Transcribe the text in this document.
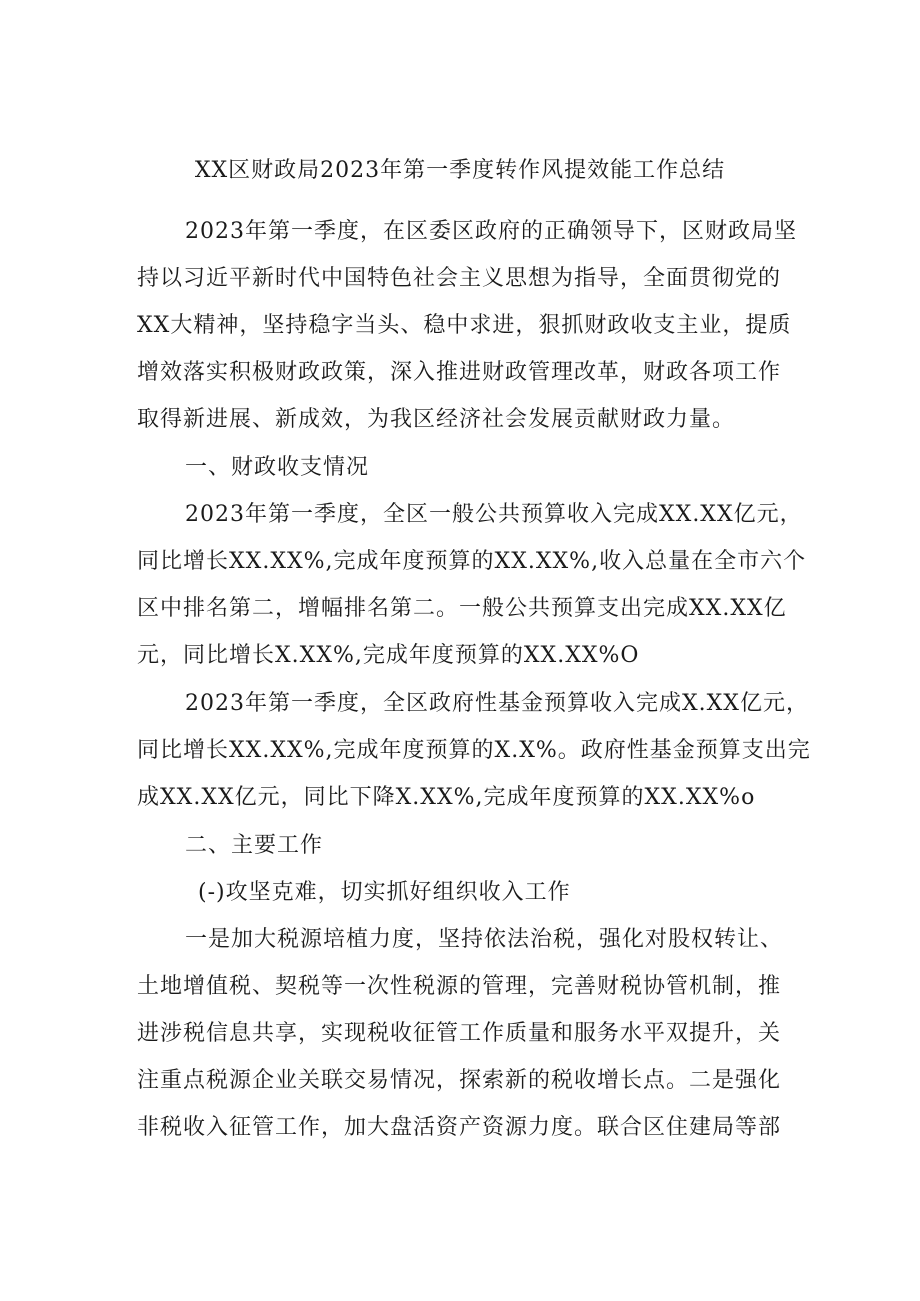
XX区财政局2023年第一季度转作风提效能工作总结
2023年第一季度，在区委区政府的正确领导下，区财政局坚
持以习近平新时代中国特色社会主义思想为指导，全面贯彻党的
XX大精神，坚持稳字当头、稳中求进，狠抓财政收支主业，提质
增效落实积极财政政策，深入推进财政管理改革，财政各项工作
取得新进展、新成效，为我区经济社会发展贡献财政力量。
一、财政收支情况
2023年第一季度，全区一般公共预算收入完成XX.XX亿元，
同比增长XX.XX%,完成年度预算的XX.XX%,收入总量在全市六个
区中排名第二，增幅排名第二。一般公共预算支出完成XX.XX亿
元，同比增长X.XX%,完成年度预算的XX.XX%O
2023年第一季度，全区政府性基金预算收入完成X.XX亿元，
同比增长XX.XX%,完成年度预算的X.X%。政府性基金预算支出完
成XX.XX亿元，同比下降X.XX%,完成年度预算的XX.XX%o
二、主要工作
(-)攻坚克难，切实抓好组织收入工作
一是加大税源培植力度，坚持依法治税，强化对股权转让、
土地增值税、契税等一次性税源的管理，完善财税协管机制，推
进涉税信息共享，实现税收征管工作质量和服务水平双提升，关
注重点税源企业关联交易情况，探索新的税收增长点。二是强化
非税收入征管工作，加大盘活资产资源力度。联合区住建局等部
